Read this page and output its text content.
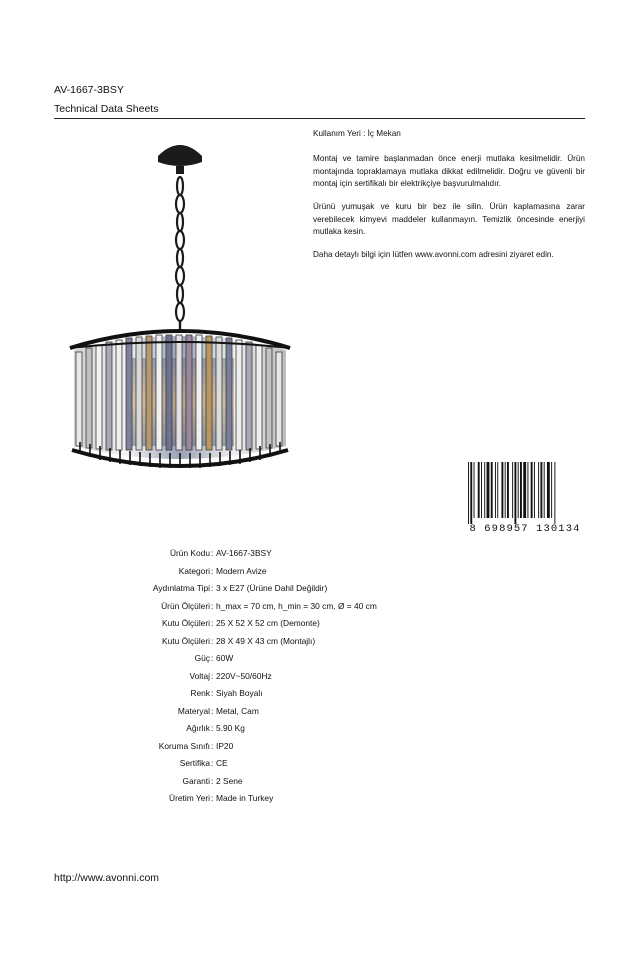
AV-1667-3BSY
Technical Data Sheets

Kullanım Yeri : İç Mekan

Montaj ve tamire başlanmadan önce enerji mutlaka kesilmelidir. Ürün montajında topraklamaya mutlaka dikkat edilmelidir. Doğru ve güvenli bir montaj için sertifikalı bir elektrikçiye başvurulmalıdır.

Ürünü yumuşak ve kuru bir bez ile silin. Ürün kaplamasına zarar verebilecek kimyevi maddeler kullanmayın. Temizlik öncesinde enerjiyi mutlaka kesin.

Daha detaylı bilgi için lütfen www.avonni.com adresini ziyaret edin.

8 698957 130134
Ürün Kodu : AV-1667-3BSY
Kategori : Modern Avize
Aydınlatma Tipi : 3 x E27 (Ürüne Dahil Değildir)
Ürün Ölçüleri : h_max = 70 cm, h_min = 30 cm, Ø = 40 cm
Kutu Ölçüleri : 25 X 52 X 52 cm (Demonte)
Kutu Ölçüleri : 28 X 49 X 43 cm (Montajlı)
Güç : 60W
Voltaj : 220V~50/60Hz
Renk : Siyah Boyalı
Materyal : Metal, Cam
Ağırlık : 5.90 Kg
Koruma Sınıfı : IP20
Sertifika : CE
Garanti : 2 Sene
Üretim Yeri : Made in Turkey
http://www.avonni.com
